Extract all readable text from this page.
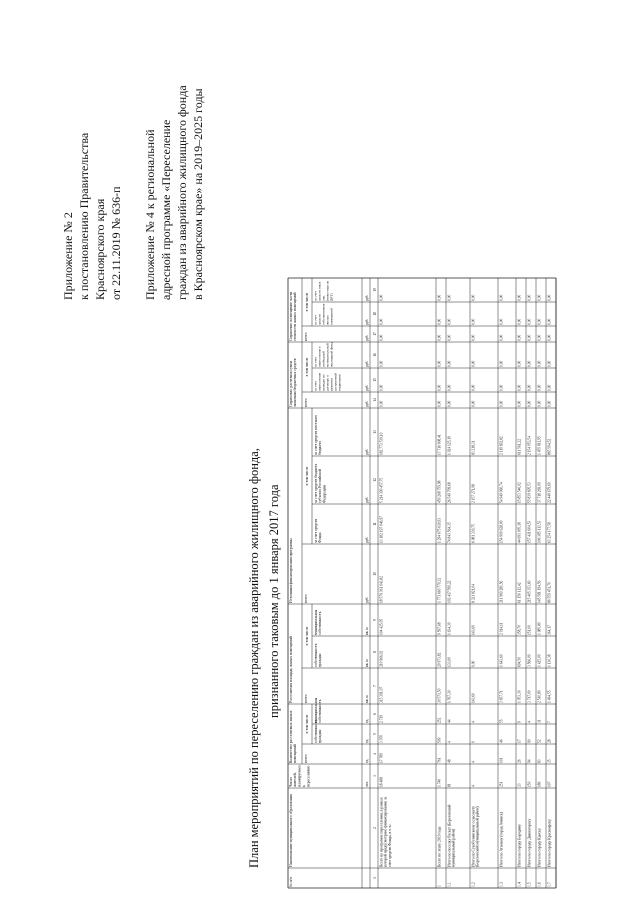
Приложение № 2 к постановлению Правительства Красноярского края от 22.11.2019 № 636-п Приложение № 4 к региональной адресной программе «Переселение граждан из аварийного жилищного фонда в Красноярском крае» на 2019–2025 годы
План мероприятий по переселению граждан из аварийного жилищного фонда, признанного таковым до 1 января 2017 года
№ п/п
Наименование муниципального образования
Число жителей, планируемых к переселению
Количество расселяемых жилых помещений
Расселяемая площадь жилых помещений
Источники финансирования программы
Справочно: расчетная сумма экономии бюджетных средств
Справочно: возмещение части стоимости жилых помещений
всего
всего
всего
всего
всего
в том числе
в том числе
в том числе
в том числе
в том числе
собственность граждан
муниципальная собственность
собственность граждан
муниципальная собственность
за счет средств Фонда
за счет средств бюджета субъекта Российской Федерации
за счет средств местного бюджета
за счет переселения граждан по договору о развитии застроенной территории
за счет переселения в свободный муниципальный жилищный фонд
за счет средств собственников жилых помещений
за счет средств иных лиц (инвестора по ДРТ)
чел.
ед.
ед.
ед.
кв. м
кв. м
кв. м
руб.
руб.
руб.
руб.
руб.
руб.
руб.
руб.
руб.
руб.
1
2
3
4
5
6
7
8
9
10
11
12
13
14
15
16
17
18
19
Всего по программе переселения, в рамках которой предусмотрено финансирование за счет средств Фонда, в т. ч.:
18 488
17 789
3 070
2 719
315 391,07
210 966,02
104 425,05
18 579 361 043,82
13 182 197 046,97
5 214 390 457,75
182 773 539,10
0,00
0,00
0,00
0,00
0,00
0,00
1
Всего по этапу 2019 года
1 740
761
509
252
30 571,50
20 973,82
9 597,68
1 771 660 770,32
1 294 675 610,93
459 268 759,98
17 716 608,41
0,00
0,00
0,00
0,00
0,00
0,00
1.1
Итого по поселку Раскат (Березовский муниципальный район)
81
48
4
44
1 767,30
133,00
1 634,30
102 417 599,22
74 843 564,35
26 549 709,68
1 024 125,19
0,00
0,00
0,00
0,00
0,00
0,00
1.2
Итого по Сухобузимскому сельсовету (Березовский муниципальный район)
4
4
0
4
143,60
0,00
143,60
8 321 821,04
6 081 330,75
2 157 271,98
83 218,31
0,00
0,00
0,00
0,00
0,00
0,00
1.3
Итого по Атаману (город Ачинск)
251
101
46
55
3 657,71
1 643,60
2 014,11
211 969 281,56
154 900 628,00
54 949 960,74
2 119 692,82
0,00
0,00
0,00
0,00
0,00
0,00
1.4
Итого по городу Бородину
33
26
17
9
1 053,30
694,50
358,70
61 156 112,42
44 691 005,18
15 853 546,02
611 561,22
0,00
0,00
0,00
0,00
0,00
0,00
1.5
Итого по городу Дивногорску
150
94
90
4
3 717,00
3 566,00
151,00
215 405 353,60
157 411 604,53
55 839 695,53
2 154 053,54
0,00
0,00
0,00
0,00
0,00
0,00
1.6
Итого по городу Канску
186
83
52
31
2 510,80
1 425,00
1 085,80
145 581 194,56
106 385 113,53
37 718 269,09
1 455 811,95
0,00
0,00
0,00
0,00
0,00
0,00
1.7
Итого по городу Красноярску
107
35
28
7
1 494,55
1 130,38
364,17
86 559 451,70
63 254 177,58
22 449 679,60
865 594,52
0,00
0,00
0,00
0,00
0,00
0,00
